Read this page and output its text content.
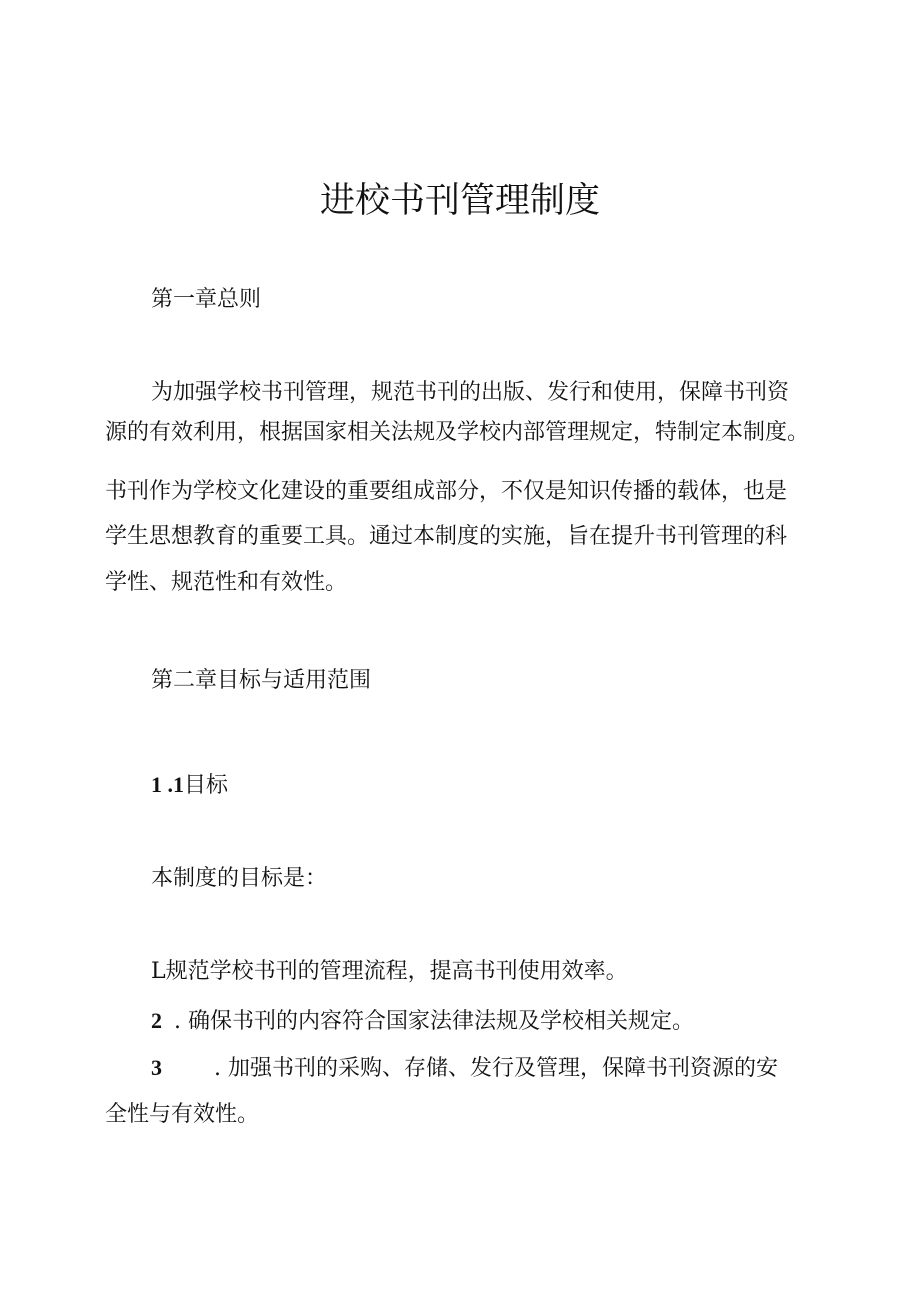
进校书刊管理制度

第一章总则

为加强学校书刊管理，规范书刊的出版、发行和使用，保障书刊资

源的有效利用，根据国家相关法规及学校内部管理规定，特制定本制度。

书刊作为学校文化建设的重要组成部分，不仅是知识传播的载体，也是

学生思想教育的重要工具。通过本制度的实施，旨在提升书刊管理的科

学性、规范性和有效性。

第二章目标与适用范围

1 .1目标

本制度的目标是：

L规范学校书刊的管理流程，提高书刊使用效率。

2 . 确保书刊的内容符合国家法律法规及学校相关规定。

3 . 加强书刊的采购、存储、发行及管理，保障书刊资源的安

全性与有效性。
